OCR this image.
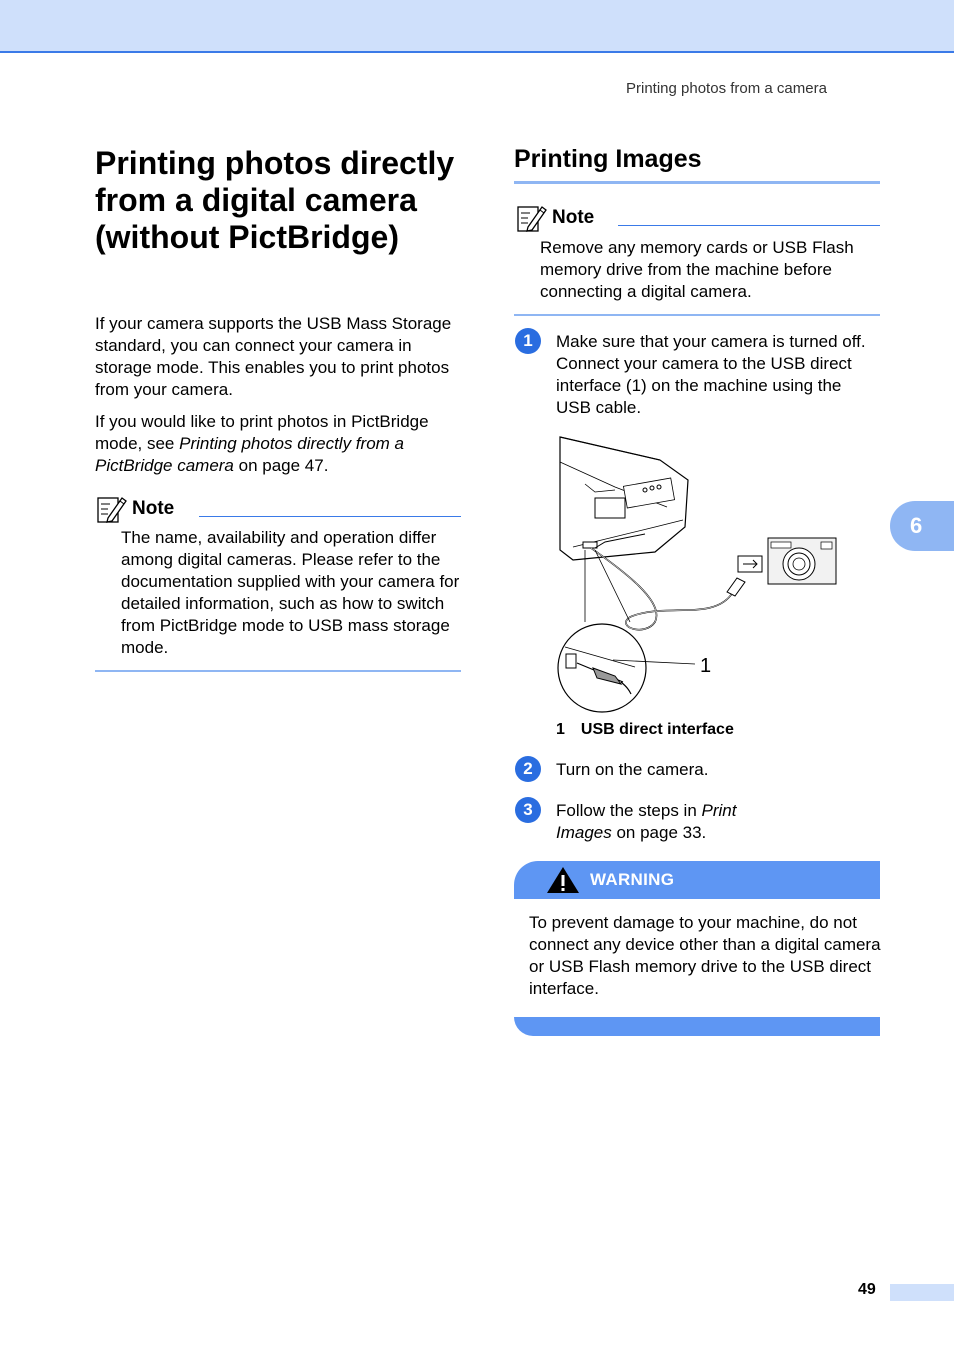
Printing photos from a camera
6
Printing photos directly from a digital camera (without PictBridge)

If your camera supports the USB Mass Storage standard, you can connect your camera in storage mode. This enables you to print photos from your camera.

If you would like to print photos in PictBridge mode, see Printing photos directly from a PictBridge camera on page 47.

Note

The name, availability and operation differ among digital cameras. Please refer to the documentation supplied with your camera for detailed information, such as how to switch from PictBridge mode to USB mass storage mode.

Printing Images
Note

Remove any memory cards or USB Flash memory drive from the machine before connecting a digital camera.

1	Make sure that your camera is turned off. Connect your camera to the USB direct interface (1) on the machine using the USB cable.

1
1 USB direct interface
2	Turn on the camera.

3	Follow the steps in Print Images on page 33.

WARNING

To prevent damage to your machine, do not connect any device other than a digital camera or USB Flash memory drive to the USB direct interface.

49
